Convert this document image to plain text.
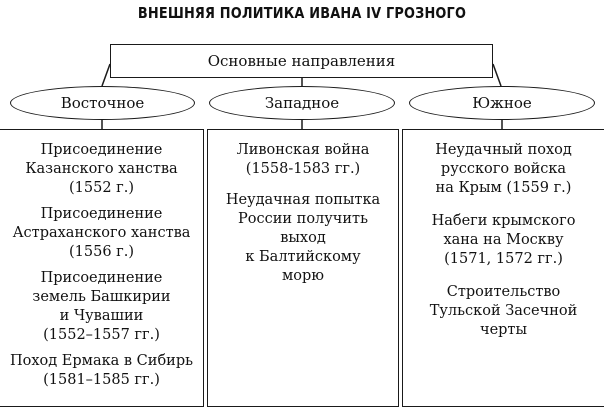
ВНЕШНЯЯ ПОЛИТИКА ИВАНА IV ГРОЗНОГО
Основные направления
Восточное	Западное	Южное
Присоединение
Казанского ханства
(1552 г.)
Присоединение
Астраханского ханства
(1556 г.)
Присоединение
земель Башкирии
и Чувашии
(1552–1557 гг.)
Поход Ермака в Сибирь
(1581–1585 гг.)
Ливонская война
(1558-1583 гг.)
Неудачная попытка
России получить
выход
к Балтийскому
морю
Неудачный поход
русского войска
на Крым (1559 г.)
Набеги крымского
хана на Москву
(1571, 1572 гг.)
Строительство
Тульской Засечной
черты
